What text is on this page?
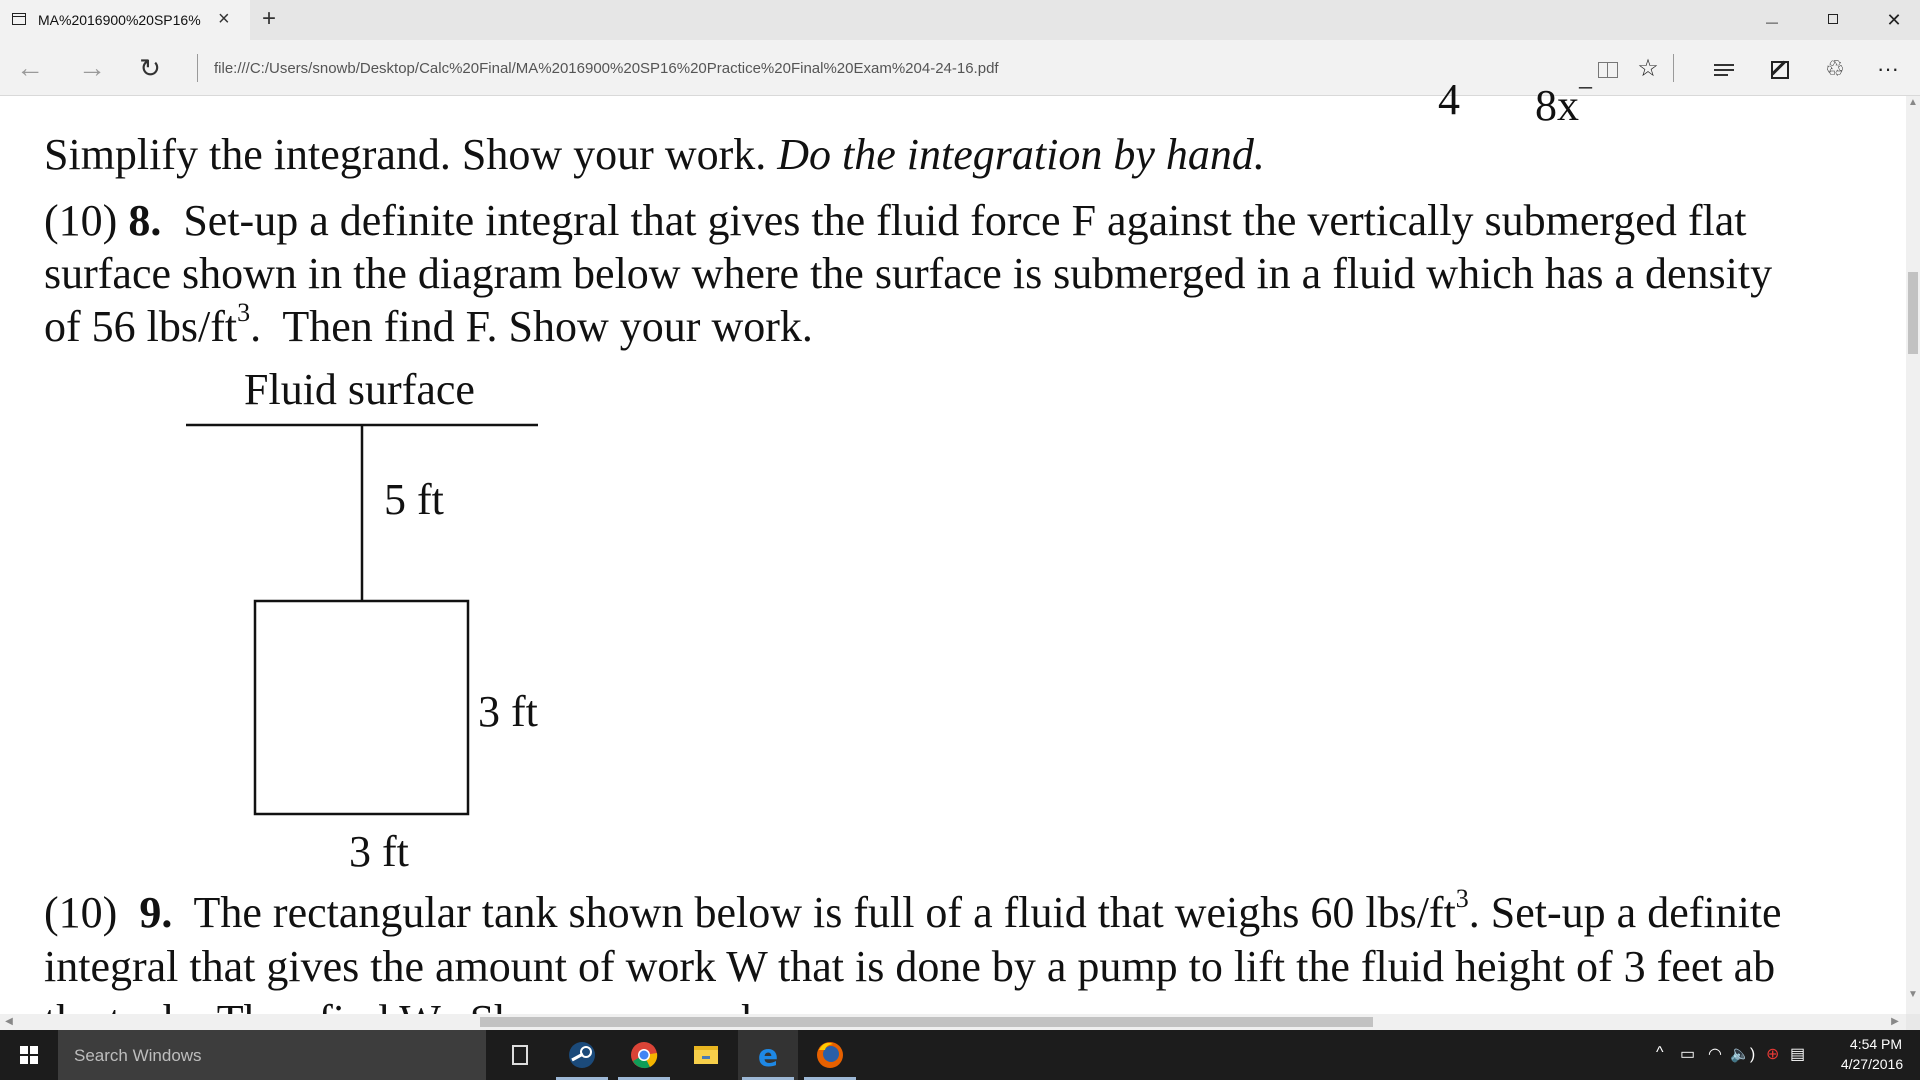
MA%2016900%20SP16% × +	—	✕
← →	↻	file:///C:/Users/snowb/Desktop/Calc%20Final/MA%2016900%20SP16%20Practice%20Final%20Exam%204-24-16.pdf	☆	♲	···
4 8x–
Simplify the integrand. Show your work. Do the integration by hand.
(10) 8.  Set-up a definite integral that gives the fluid force F against the vertically submerged flat
surface shown in the diagram below where the surface is submerged in a fluid which has a density
of 56 lbs/$ft^3$.  Then find F. Show your work.
Fluid surface
5 ft
3 ft
3 ft
(10)  9.  The rectangular tank shown below is full of a fluid that weighs 60 lbs/$ft^3$. Set-up a definite
integral that gives the amount of work W that is done by a pump to lift the fluid height of 3 feet ab
▲
▼
◀	▶
Search Windows	e	^ ▭ ◠ 🔈) ⊕ ▤
4:54 PM
4/27/2016
